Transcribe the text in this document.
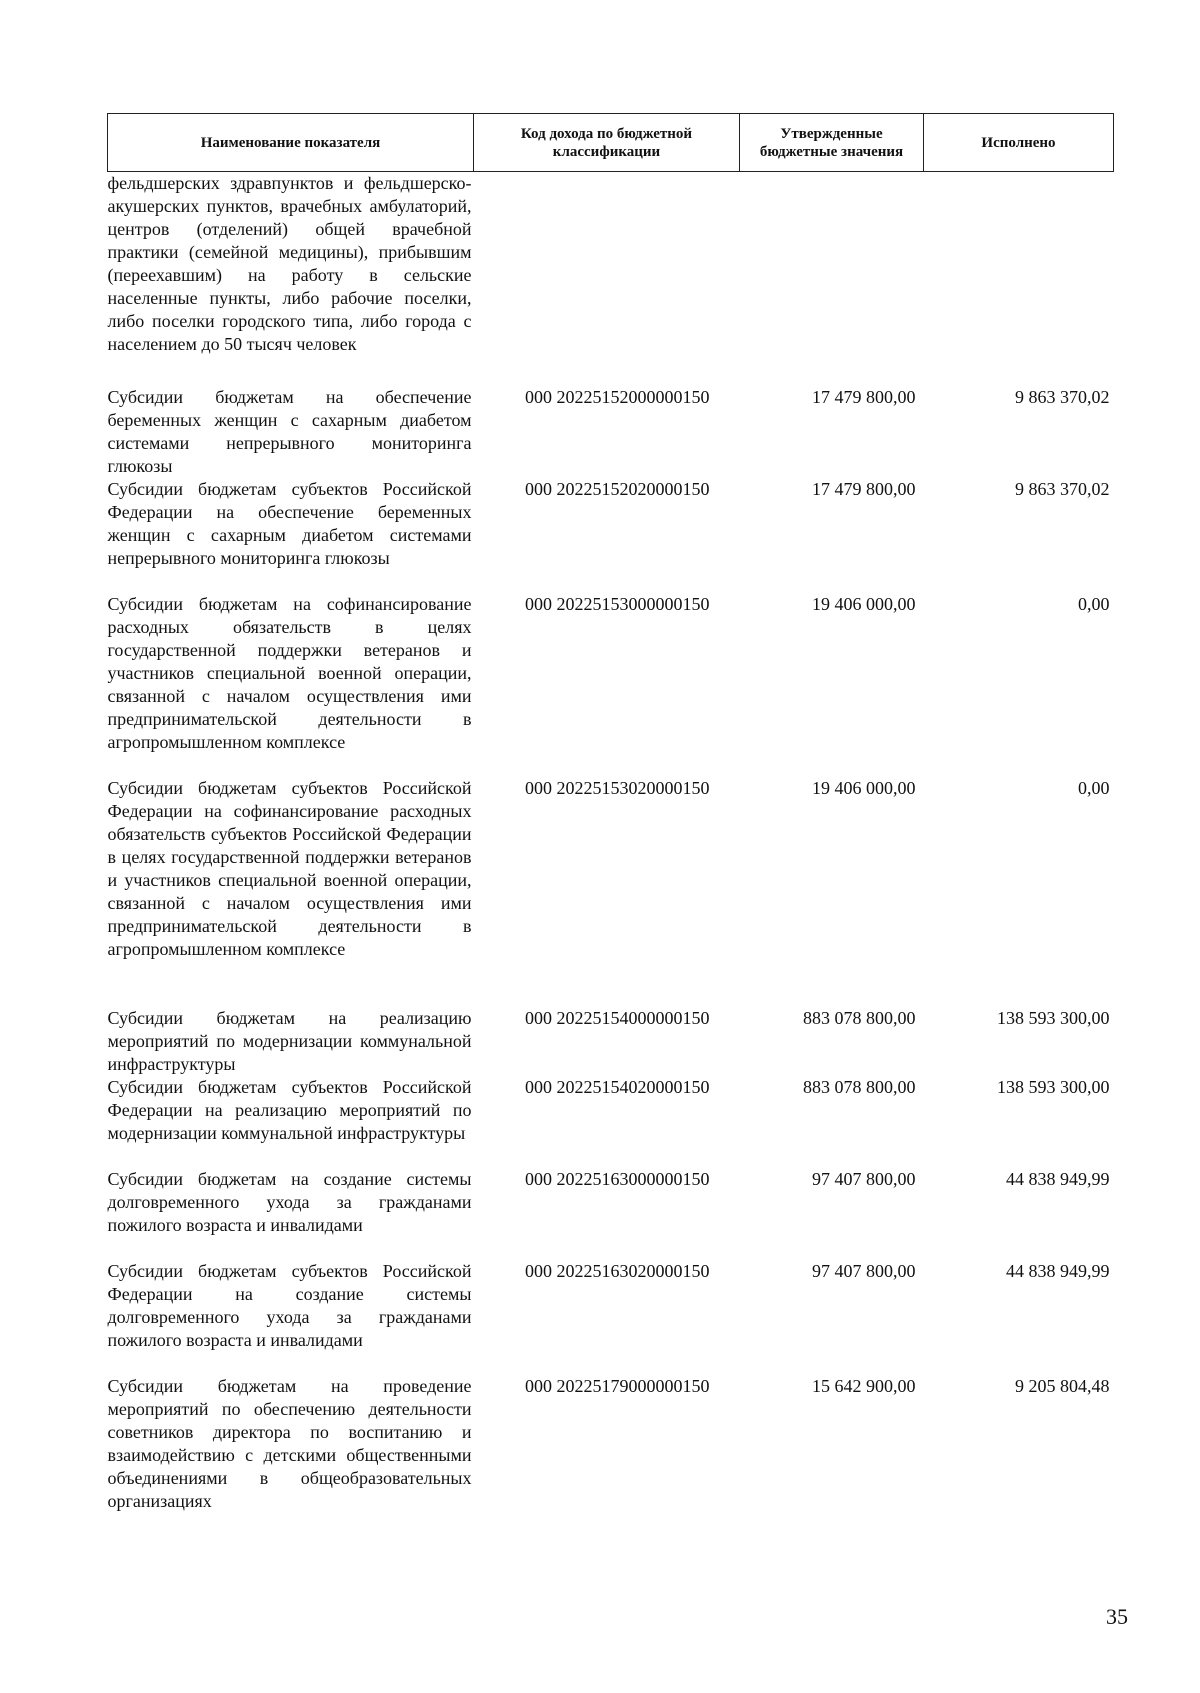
Наименование показателя	Код дохода по бюджетной классификации	Утвержденные бюджетные значения	Исполнено
фельдшерских здравпунктов и фельдшерско-акушерских пунктов, врачебных амбулаторий, центров (отделений) общей врачебной практики (семейной медицины), прибывшим (переехавшим) на работу в сельские населенные пункты, либо рабочие поселки, либо поселки городского типа, либо города с населением до 50 тысяч человек			
Субсидии бюджетам на обеспечение беременных женщин с сахарным диабетом системами непрерывного мониторинга глюкозы	000 20225152000000150	17 479 800,00	9 863 370,02
Субсидии бюджетам субъектов Российской Федерации на обеспечение беременных женщин с сахарным диабетом системами непрерывного мониторинга глюкозы	000 20225152020000150	17 479 800,00	9 863 370,02
Субсидии бюджетам на софинансирование расходных обязательств в целях государственной поддержки ветеранов и участников специальной военной операции, связанной с началом осуществления ими предпринимательской деятельности в агропромышленном комплексе	000 20225153000000150	19 406 000,00	0,00
Субсидии бюджетам субъектов Российской Федерации на софинансирование расходных обязательств субъектов Российской Федерации в целях государственной поддержки ветеранов и участников специальной военной операции, связанной с началом осуществления ими предпринимательской деятельности в агропромышленном комплексе	000 20225153020000150	19 406 000,00	0,00
Субсидии бюджетам на реализацию мероприятий по модернизации коммунальной инфраструктуры	000 20225154000000150	883 078 800,00	138 593 300,00
Субсидии бюджетам субъектов Российской Федерации на реализацию мероприятий по модернизации коммунальной инфраструктуры	000 20225154020000150	883 078 800,00	138 593 300,00
Субсидии бюджетам на создание системы долговременного ухода за гражданами пожилого возраста и инвалидами	000 20225163000000150	97 407 800,00	44 838 949,99
Субсидии бюджетам субъектов Российской Федерации на создание системы долговременного ухода за гражданами пожилого возраста и инвалидами	000 20225163020000150	97 407 800,00	44 838 949,99
Субсидии бюджетам на проведение мероприятий по обеспечению деятельности советников директора по воспитанию и взаимодействию с детскими общественными объединениями в общеобразовательных организациях	000 20225179000000150	15 642 900,00	9 205 804,48
35
